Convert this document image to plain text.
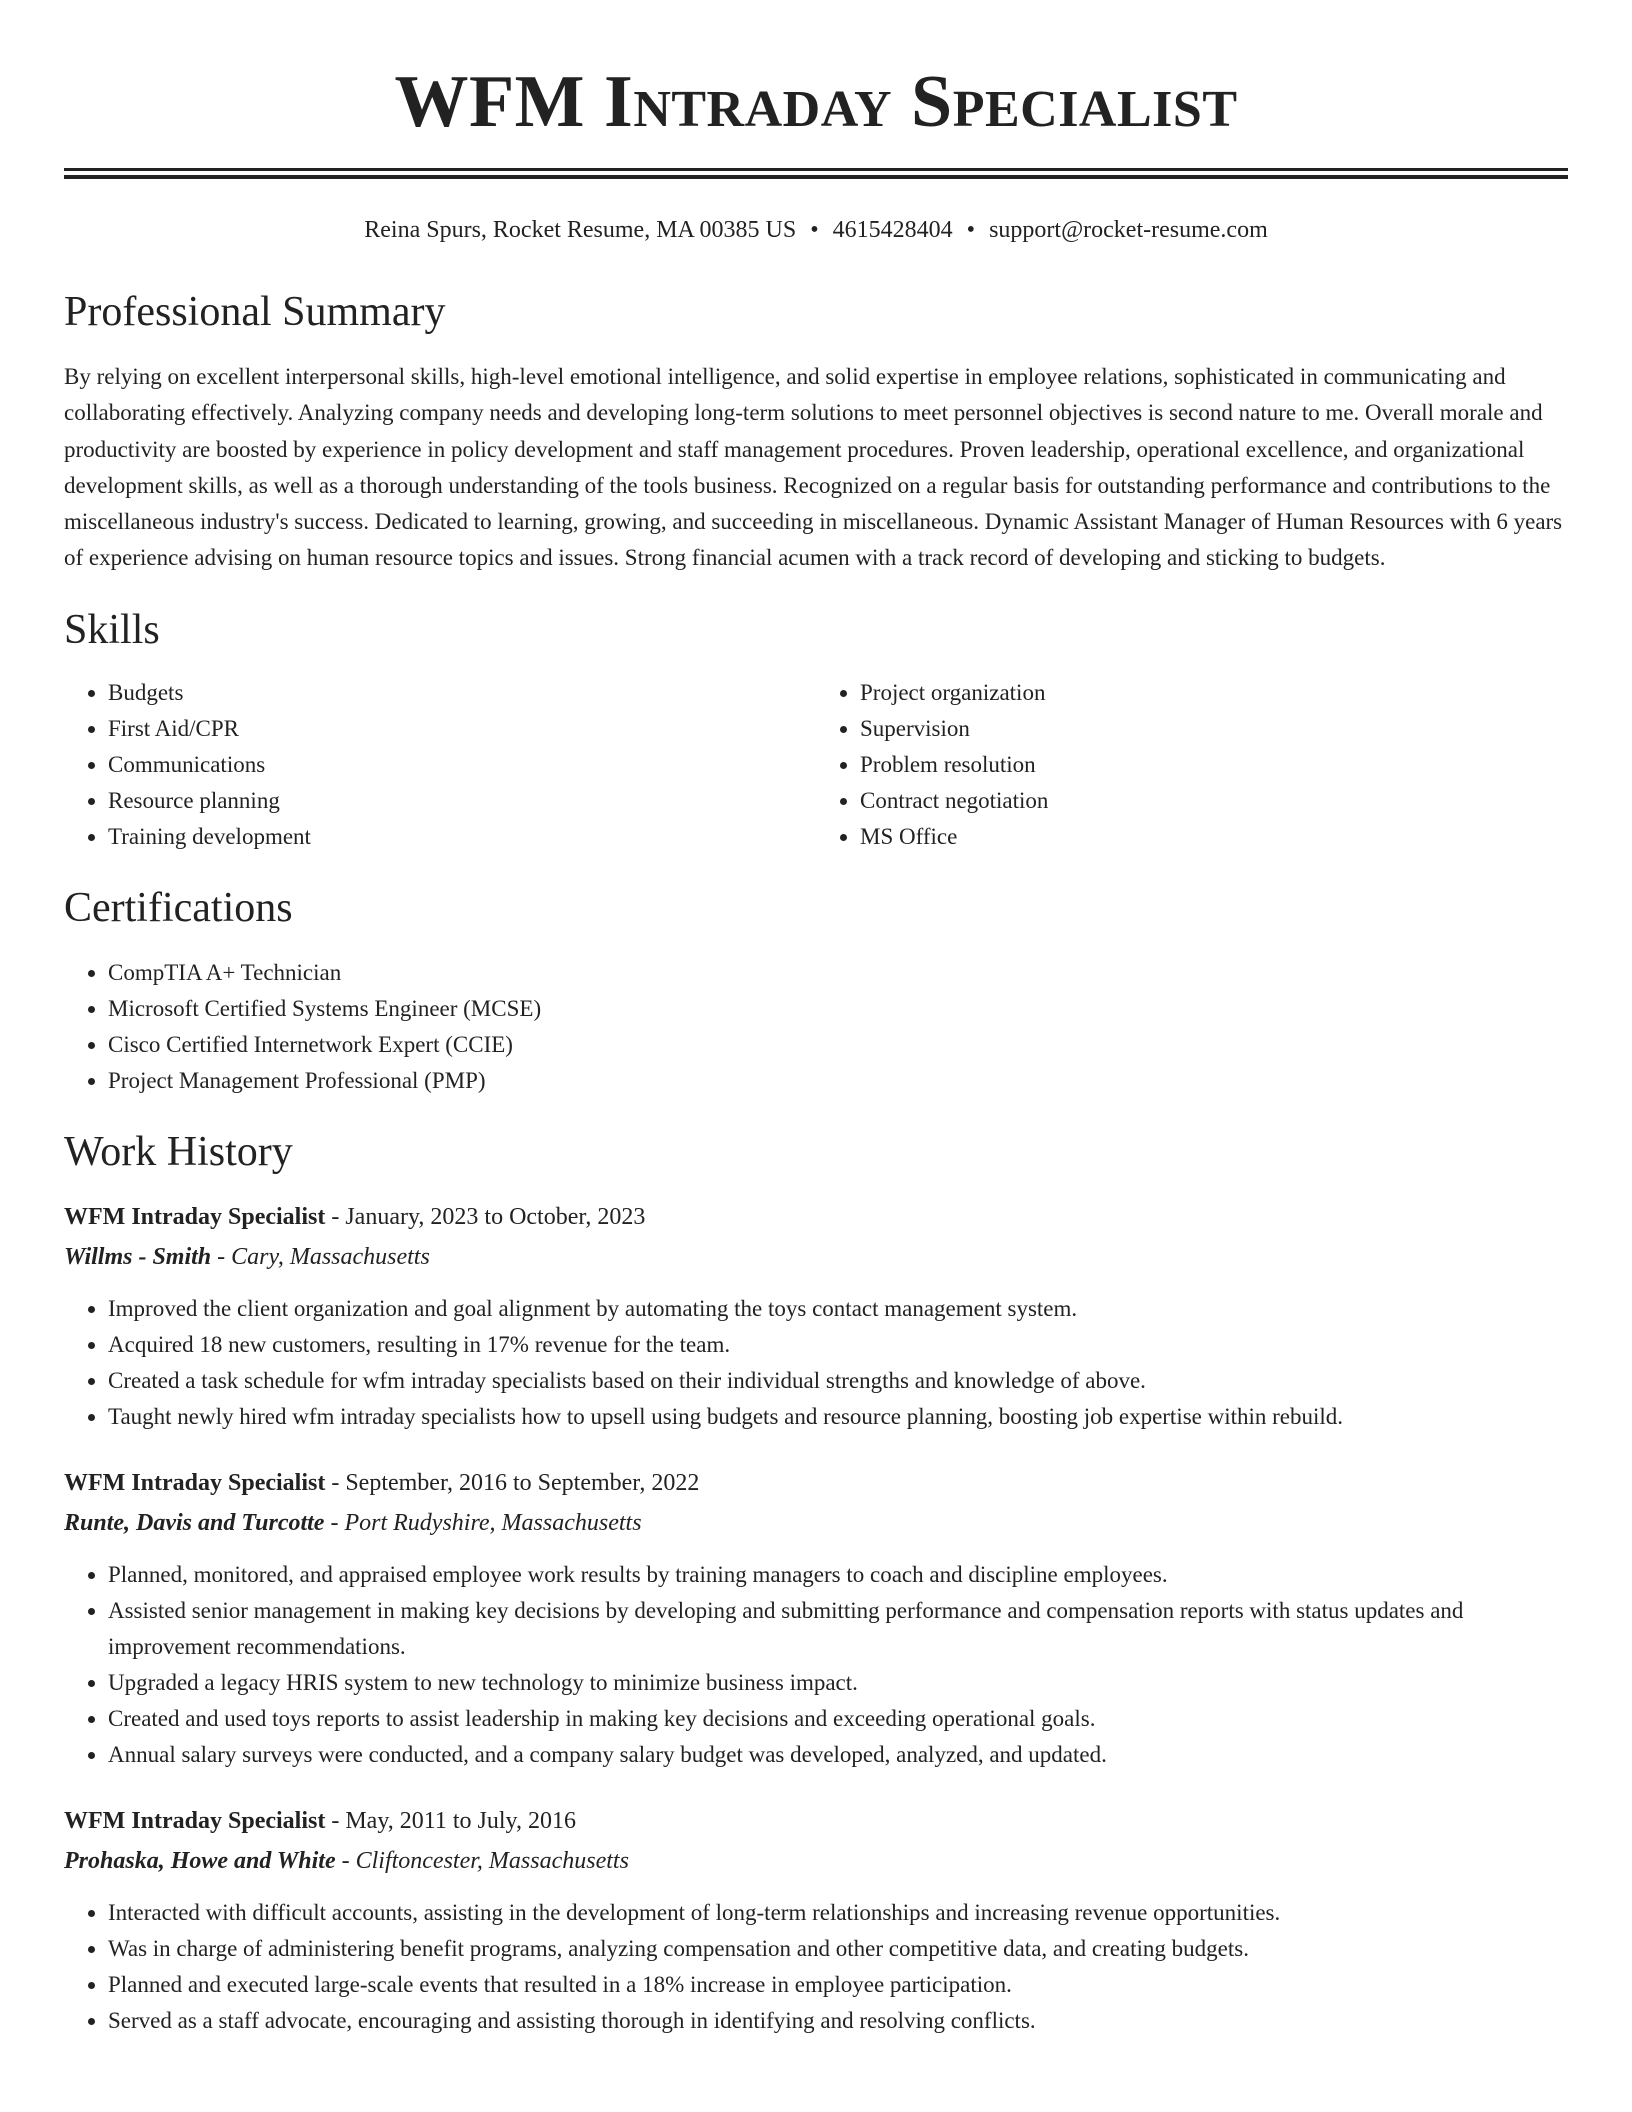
WFM Intraday Specialist
Reina Spurs, Rocket Resume, MA 00385 US • 4615428404 • support@rocket-resume.com
Professional Summary

By relying on excellent interpersonal skills, high-level emotional intelligence, and solid expertise in employee relations, sophisticated in communicating and collaborating effectively. Analyzing company needs and developing long-term solutions to meet personnel objectives is second nature to me. Overall morale and productivity are boosted by experience in policy development and staff management procedures. Proven leadership, operational excellence, and organizational development skills, as well as a thorough understanding of the tools business. Recognized on a regular basis for outstanding performance and contributions to the miscellaneous industry's success. Dedicated to learning, growing, and succeeding in miscellaneous. Dynamic Assistant Manager of Human Resources with 6 years of experience advising on human resource topics and issues. Strong financial acumen with a track record of developing and sticking to budgets.

Skills
• Budgets
• First Aid/CPR
• Communications
• Resource planning
• Training development
• Project organization
• Supervision
• Problem resolution
• Contract negotiation
• MS Office
Certifications
• CompTIA A+ Technician
• Microsoft Certified Systems Engineer (MCSE)
• Cisco Certified Internetwork Expert (CCIE)
• Project Management Professional (PMP)
Work History
WFM Intraday Specialist - January, 2023 to October, 2023
Willms - Smith - Cary, Massachusetts
• Improved the client organization and goal alignment by automating the toys contact management system.
• Acquired 18 new customers, resulting in 17% revenue for the team.
• Created a task schedule for wfm intraday specialists based on their individual strengths and knowledge of above.
• Taught newly hired wfm intraday specialists how to upsell using budgets and resource planning, boosting job expertise within rebuild.
WFM Intraday Specialist - September, 2016 to September, 2022
Runte, Davis and Turcotte - Port Rudyshire, Massachusetts
• Planned, monitored, and appraised employee work results by training managers to coach and discipline employees.
• Assisted senior management in making key decisions by developing and submitting performance and compensation reports with status updates and improvement recommendations.
• Upgraded a legacy HRIS system to new technology to minimize business impact.
• Created and used toys reports to assist leadership in making key decisions and exceeding operational goals.
• Annual salary surveys were conducted, and a company salary budget was developed, analyzed, and updated.
WFM Intraday Specialist - May, 2011 to July, 2016
Prohaska, Howe and White - Cliftoncester, Massachusetts
• Interacted with difficult accounts, assisting in the development of long-term relationships and increasing revenue opportunities.
• Was in charge of administering benefit programs, analyzing compensation and other competitive data, and creating budgets.
• Planned and executed large-scale events that resulted in a 18% increase in employee participation.
• Served as a staff advocate, encouraging and assisting thorough in identifying and resolving conflicts.
